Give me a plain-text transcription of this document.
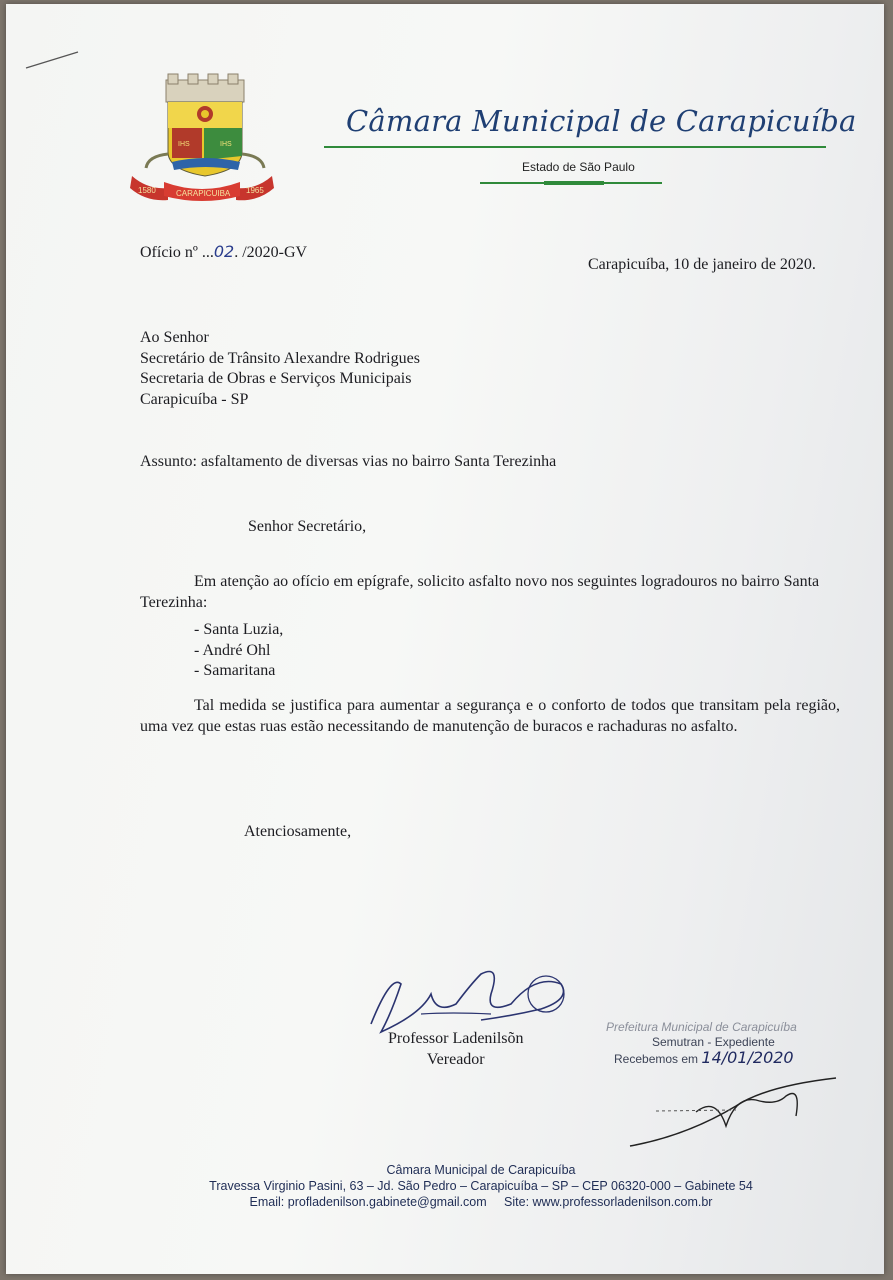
IHS	IHS
1580	CARAPICUIBA 1965
Câmara Municipal de Carapicuíba
Estado de São Paulo
Ofício nº ...02. /2020-GV
Carapicuíba, 10 de janeiro de 2020.
Ao Senhor
Secretário de Trânsito Alexandre Rodrigues
Secretaria de Obras e Serviços Municipais
Carapicuíba - SP
Assunto: asfaltamento de diversas vias no bairro Santa Terezinha
Senhor Secretário,
Em atenção ao ofício em epígrafe, solicito asfalto novo nos seguintes logradouros no bairro Santa Terezinha:
- Santa Luzia,
- André Ohl
- Samaritana
Tal medida se justifica para aumentar a segurança e o conforto de todos que transitam pela região, uma vez que estas ruas estão necessitando de manutenção de buracos e rachaduras no asfalto.
Atenciosamente,
Professor Ladenilsõn
Vereador
Prefeitura Municipal de Carapicuíba
Semutran - Expediente
Recebemos em 14/01/2020
Câmara Municipal de Carapicuíba
Travessa Virginio Pasini, 63 – Jd. São Pedro – Carapicuíba – SP – CEP 06320-000 – Gabinete 54
Email: profladenilson.gabinete@gmail.com     Site: www.professorladenilson.com.br
